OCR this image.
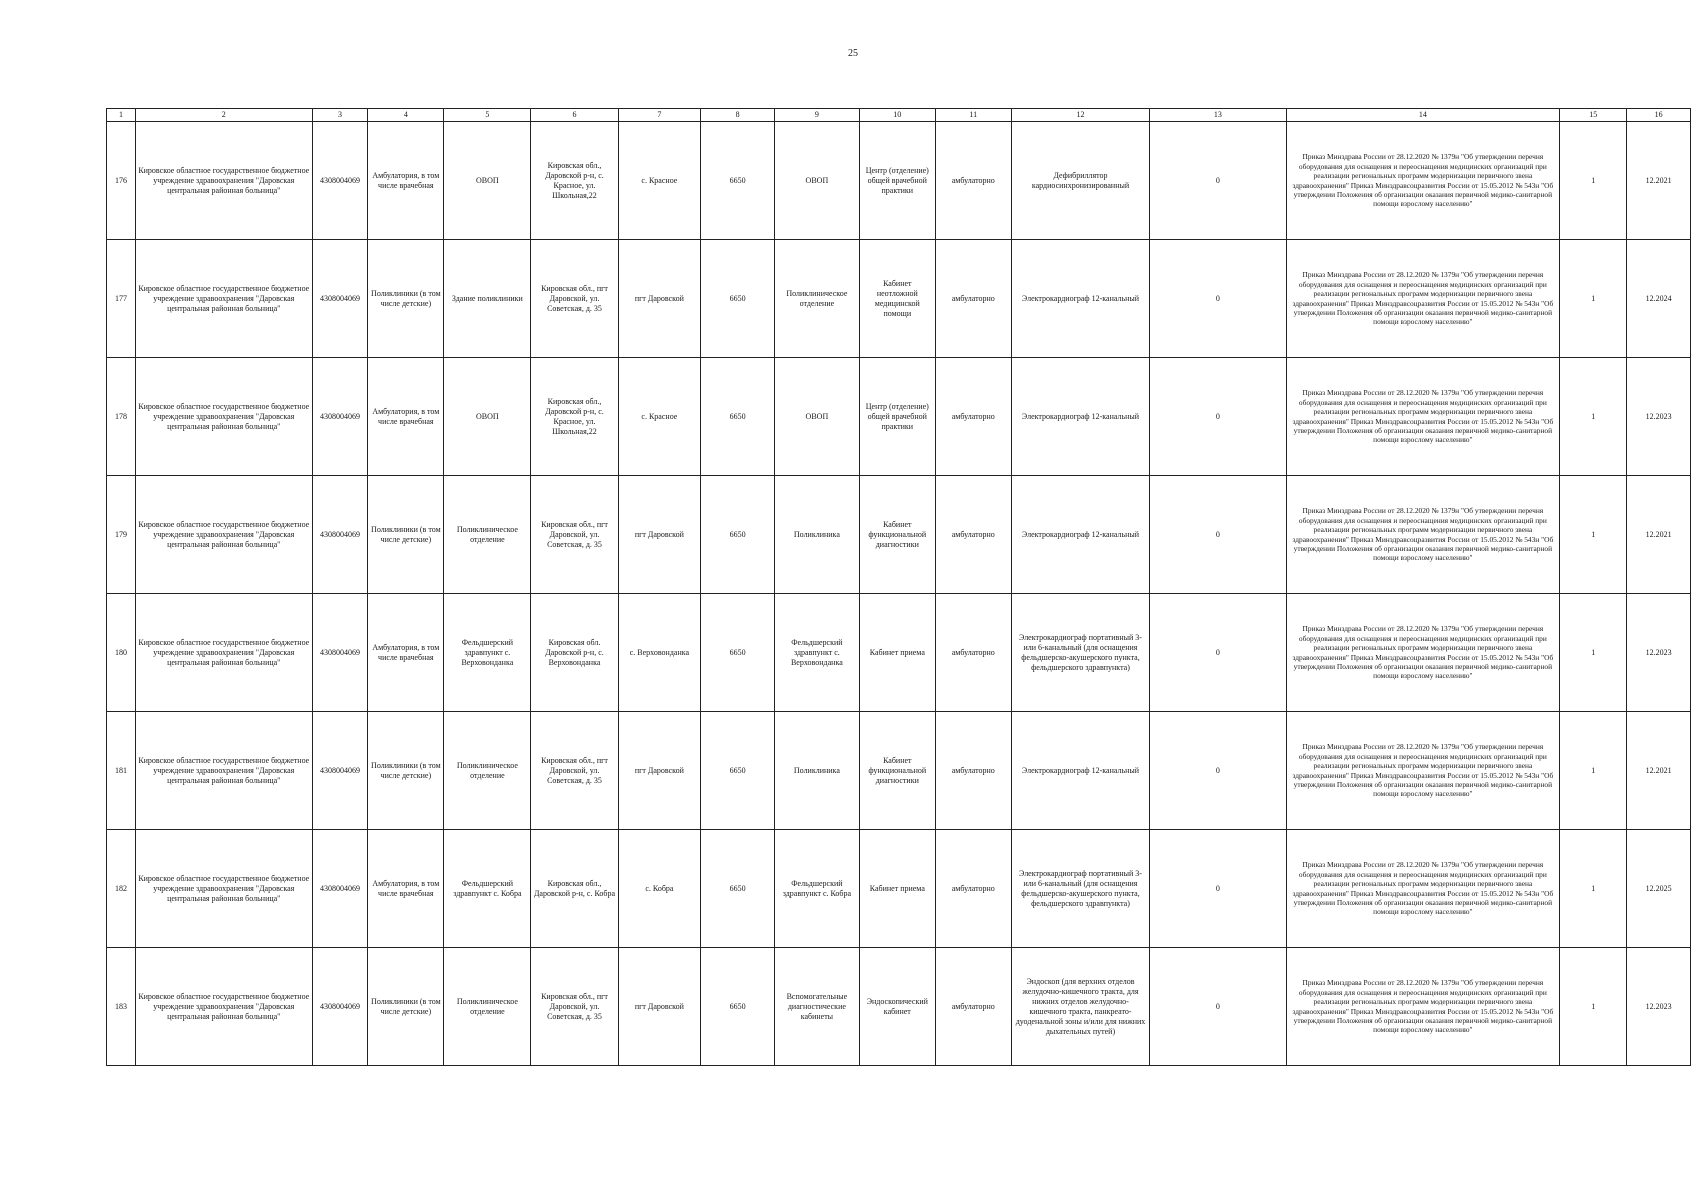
25
1	2	3	4	5	6	7	8	9	10	11	12	13	14	15	16
176	Кировское областное государственное бюджетное учреждение здравоохранения "Даровская центральная районная больница"	4308004069	Амбулатория, в том числе врачебная	ОВОП	Кировская обл., Даровской р-н, с. Красное, ул. Школьная,22	с. Красное	6650	ОВОП	Центр (отделение) общей врачебной практики	амбулаторно	Дефибриллятор кардиосинхронизированный	0	Приказ Минздрава России от 28.12.2020 № 1379н "Об утверждении перечня оборудования для оснащения и переоснащения медицинских организаций при реализации региональных программ модернизации первичного звена здравоохранения" Приказ Минздравсоцразвития России от 15.05.2012 № 543н "Об утверждении Положения об организации оказания первичной медико-санитарной помощи взрослому населению"	1	12.2021
177	Кировское областное государственное бюджетное учреждение здравоохранения "Даровская центральная районная больница"	4308004069	Поликлиники (в том числе детские)	Здание поликлиники	Кировская обл., пгт Даровской, ул. Советская, д. 35	пгт Даровской	6650	Поликлиническое отделение	Кабинет неотложной медицинской помощи	амбулаторно	Электрокардиограф 12-канальный	0	Приказ Минздрава России от 28.12.2020 № 1379н "Об утверждении перечня оборудования для оснащения и переоснащения медицинских организаций при реализации региональных программ модернизации первичного звена здравоохранения" Приказ Минздравсоцразвития России от 15.05.2012 № 543н "Об утверждении Положения об организации оказания первичной медико-санитарной помощи взрослому населению"	1	12.2024
178	Кировское областное государственное бюджетное учреждение здравоохранения "Даровская центральная районная больница"	4308004069	Амбулатория, в том числе врачебная	ОВОП	Кировская обл., Даровской р-н, с. Красное, ул. Школьная,22	с. Красное	6650	ОВОП	Центр (отделение) общей врачебной практики	амбулаторно	Электрокардиограф 12-канальный	0	Приказ Минздрава России от 28.12.2020 № 1379н "Об утверждении перечня оборудования для оснащения и переоснащения медицинских организаций при реализации региональных программ модернизации первичного звена здравоохранения" Приказ Минздравсоцразвития России от 15.05.2012 № 543н "Об утверждении Положения об организации оказания первичной медико-санитарной помощи взрослому населению"	1	12.2023
179	Кировское областное государственное бюджетное учреждение здравоохранения "Даровская центральная районная больница"	4308004069	Поликлиники (в том числе детские)	Поликлиническое отделение	Кировская обл., пгт Даровской, ул. Советская, д. 35	пгт Даровской	6650	Поликлиника	Кабинет функциональной диагностики	амбулаторно	Электрокардиограф 12-канальный	0	Приказ Минздрава России от 28.12.2020 № 1379н "Об утверждении перечня оборудования для оснащения и переоснащения медицинских организаций при реализации региональных программ модернизации первичного звена здравоохранения" Приказ Минздравсоцразвития России от 15.05.2012 № 543н "Об утверждении Положения об организации оказания первичной медико-санитарной помощи взрослому населению"	1	12.2021
180	Кировское областное государственное бюджетное учреждение здравоохранения "Даровская центральная районная больница"	4308004069	Амбулатория, в том числе врачебная	Фельдшерский здравпункт с. Верховонданка	Кировская обл. Даровской р-н, с. Верховонданка	с. Верховонданка	6650	Фельдшерский здравпункт с. Верховонданка	Кабинет приема	амбулаторно	Электрокардиограф портативный 3- или 6-канальный (для оснащения фельдшерско-акушерского пункта, фельдшерского здравпункта)	0	Приказ Минздрава России от 28.12.2020 № 1379н "Об утверждении перечня оборудования для оснащения и переоснащения медицинских организаций при реализации региональных программ модернизации первичного звена здравоохранения" Приказ Минздравсоцразвития России от 15.05.2012 № 543н "Об утверждении Положения об организации оказания первичной медико-санитарной помощи взрослому населению"	1	12.2023
181	Кировское областное государственное бюджетное учреждение здравоохранения "Даровская центральная районная больница"	4308004069	Поликлиники (в том числе детские)	Поликлиническое отделение	Кировская обл., пгт Даровской, ул. Советская, д. 35	пгт Даровской	6650	Поликлиника	Кабинет функциональной диагностики	амбулаторно	Электрокардиограф 12-канальный	0	Приказ Минздрава России от 28.12.2020 № 1379н "Об утверждении перечня оборудования для оснащения и переоснащения медицинских организаций при реализации региональных программ модернизации первичного звена здравоохранения" Приказ Минздравсоцразвития России от 15.05.2012 № 543н "Об утверждении Положения об организации оказания первичной медико-санитарной помощи взрослому населению"	1	12.2021
182	Кировское областное государственное бюджетное учреждение здравоохранения "Даровская центральная районная больница"	4308004069	Амбулатория, в том числе врачебная	Фельдшерский здравпункт с. Кобра	Кировская обл., Даровской р-н, с. Кобра	с. Кобра	6650	Фельдшерский здравпункт с. Кобра	Кабинет приема	амбулаторно	Электрокардиограф портативный 3- или 6-канальный (для оснащения фельдшерско-акушерского пункта, фельдшерского здравпункта)	0	Приказ Минздрава России от 28.12.2020 № 1379н "Об утверждении перечня оборудования для оснащения и переоснащения медицинских организаций при реализации региональных программ модернизации первичного звена здравоохранения" Приказ Минздравсоцразвития России от 15.05.2012 № 543н "Об утверждении Положения об организации оказания первичной медико-санитарной помощи взрослому населению"	1	12.2025
183	Кировское областное государственное бюджетное учреждение здравоохранения "Даровская центральная районная больница"	4308004069	Поликлиники (в том числе детские)	Поликлиническое отделение	Кировская обл., пгт Даровской, ул. Советская, д. 35	пгт Даровской	6650	Вспомогательные диагностические кабинеты	Эндоскопический кабинет	амбулаторно	Эндоскоп (для верхних отделов желудочно-кишечного тракта, для нижних отделов желудочно-кишечного тракта, панкреато-дуоденальной зоны и/или для нижних дыхательных путей)	0	Приказ Минздрава России от 28.12.2020 № 1379н "Об утверждении перечня оборудования для оснащения и переоснащения медицинских организаций при реализации региональных программ модернизации первичного звена здравоохранения" Приказ Минздравсоцразвития России от 15.05.2012 № 543н "Об утверждении Положения об организации оказания первичной медико-санитарной помощи взрослому населению"	1	12.2023
